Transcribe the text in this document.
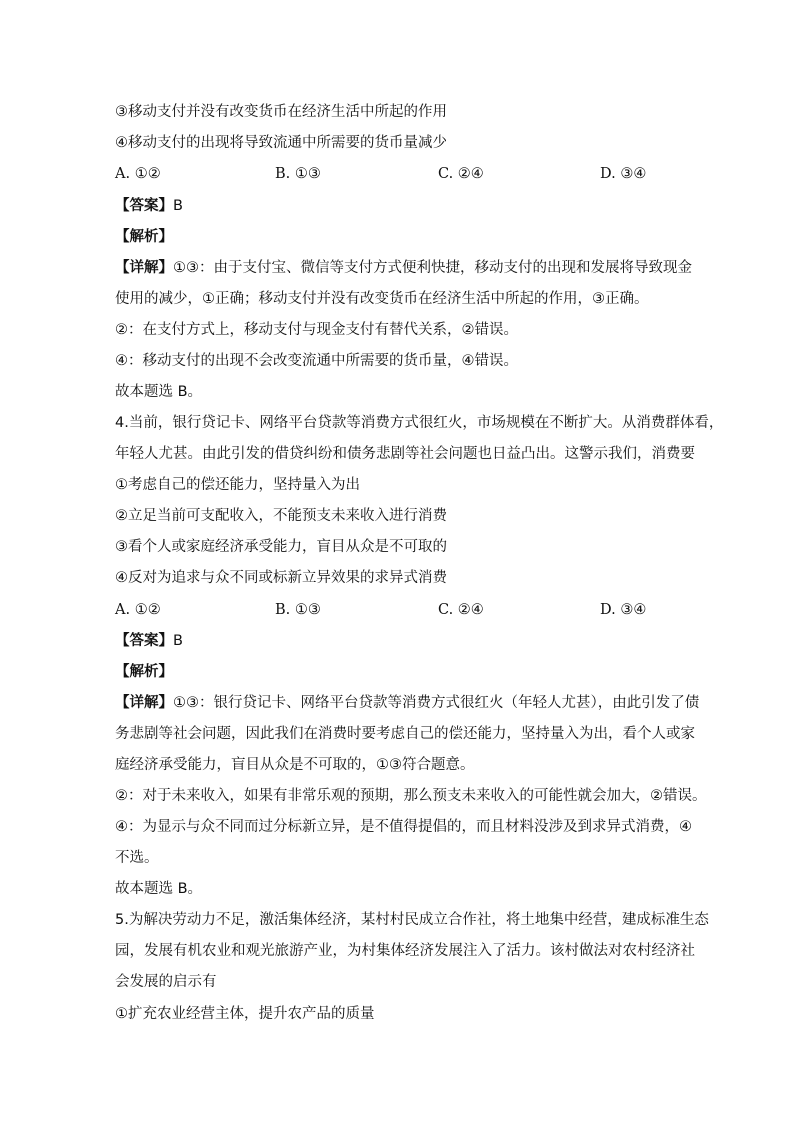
③移动支付并没有改变货币在经济生活中所起的作用
④移动支付的出现将导致流通中所需要的货币量减少
A. ①②	B. ①③	C. ②④	D. ③④
【答案】B
【解析】
【详解】①③：由于支付宝、微信等支付方式便利快捷，移动支付的出现和发展将导致现金
使用的减少，①正确；移动支付并没有改变货币在经济生活中所起的作用，③正确。
②：在支付方式上，移动支付与现金支付有替代关系，②错误。
④：移动支付的出现不会改变流通中所需要的货币量，④错误。
故本题选 B。
4.当前，银行贷记卡、网络平台贷款等消费方式很红火，市场规模在不断扩大。从消费群体看，
年轻人尤甚。由此引发的借贷纠纷和债务悲剧等社会问题也日益凸出。这警示我们，消费要
①考虑自己的偿还能力，坚持量入为出
②立足当前可支配收入，不能预支未来收入进行消费
③看个人或家庭经济承受能力，盲目从众是不可取的
④反对为追求与众不同或标新立异效果的求异式消费
A. ①②	B. ①③	C. ②④	D. ③④
【答案】B
【解析】
【详解】①③：银行贷记卡、网络平台贷款等消费方式很红火（年轻人尤甚），由此引发了债
务悲剧等社会问题，因此我们在消费时要考虑自己的偿还能力，坚持量入为出，看个人或家
庭经济承受能力，盲目从众是不可取的，①③符合题意。
②：对于未来收入，如果有非常乐观的预期，那么预支未来收入的可能性就会加大，②错误。
④：为显示与众不同而过分标新立异，是不值得提倡的，而且材料没涉及到求异式消费，④
不选。
故本题选 B。
5.为解决劳动力不足，激活集体经济，某村村民成立合作社，将土地集中经营，建成标准生态
园，发展有机农业和观光旅游产业，为村集体经济发展注入了活力。该村做法对农村经济社
会发展的启示有
①扩充农业经营主体，提升农产品的质量
